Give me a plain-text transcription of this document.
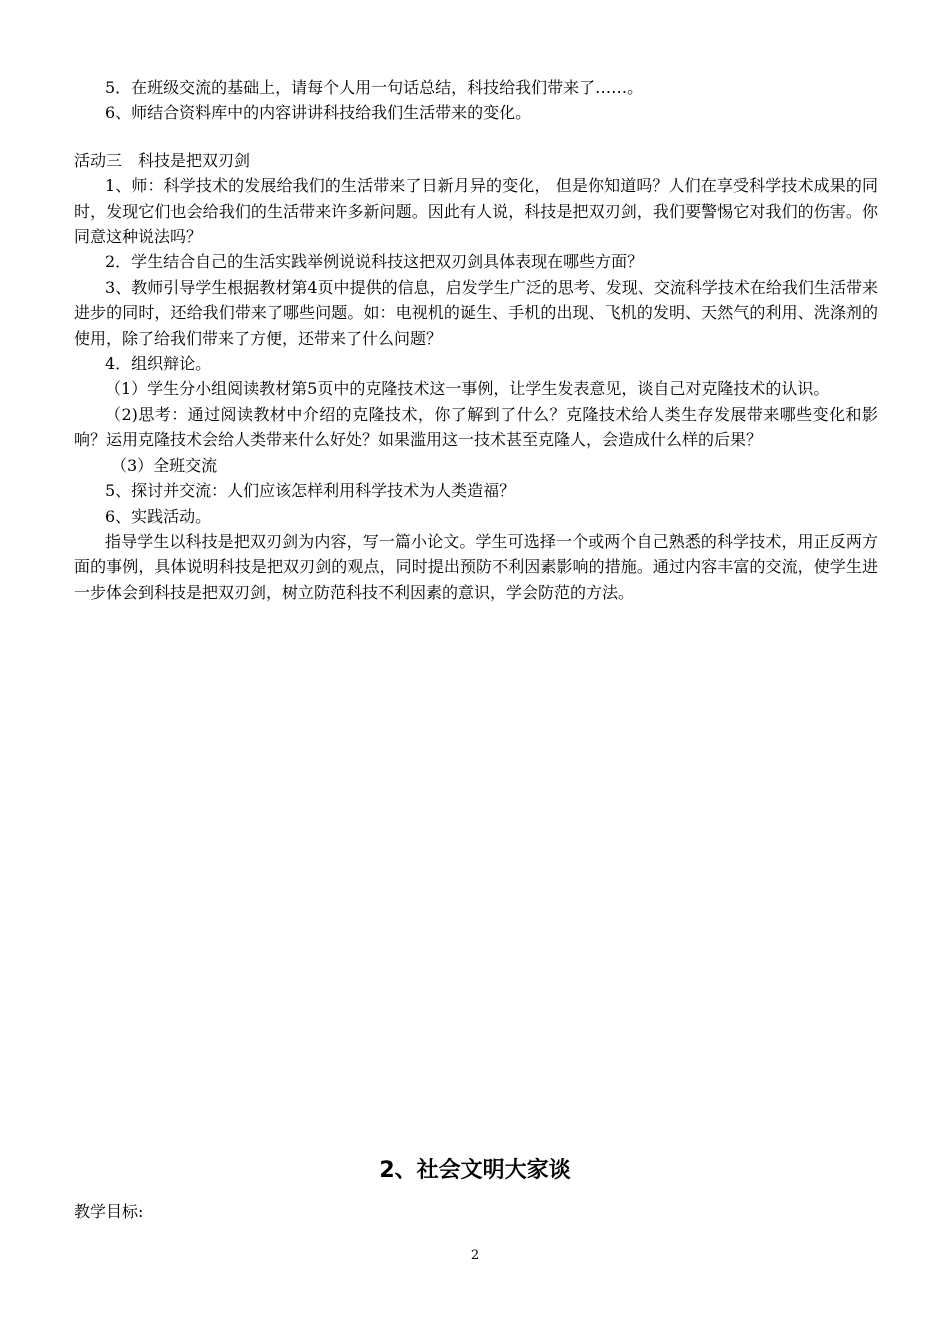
5．在班级交流的基础上，请每个人用一句话总结，科技给我们带来了……。

6、师结合资料库中的内容讲讲科技给我们生活带来的变化。

活动三　科技是把双刃剑

1、师：科学技术的发展给我们的生活带来了日新月异的变化， 但是你知道吗？人们在享受科学技术成果的同时，发现它们也会给我们的生活带来许多新问题。因此有人说，科技是把双刃剑，我们要警惕它对我们的伤害。你同意这种说法吗？

2．学生结合自己的生活实践举例说说科技这把双刃剑具体表现在哪些方面？

3、教师引导学生根据教材第4页中提供的信息，启发学生广泛的思考、发现、交流科学技术在给我们生活带来进步的同时，还给我们带来了哪些问题。如：电视机的诞生、手机的出现、飞机的发明、天然气的利用、洗涤剂的使用，除了给我们带来了方便，还带来了什么问题？

4．组织辩论。

（1）学生分小组阅读教材第5页中的克隆技术这一事例，让学生发表意见，谈自己对克隆技术的认识。

（2)思考：通过阅读教材中介绍的克隆技术，你了解到了什么？克隆技术给人类生存发展带来哪些变化和影响？运用克隆技术会给人类带来什么好处？如果滥用这一技术甚至克隆人，会造成什么样的后果？

（3）全班交流

5、探讨并交流：人们应该怎样利用科学技术为人类造福？

6、实践活动。

指导学生以科技是把双刃剑为内容，写一篇小论文。学生可选择一个或两个自己熟悉的科学技术，用正反两方面的事例，具体说明科技是把双刃剑的观点，同时提出预防不利因素影响的措施。通过内容丰富的交流，使学生进一步体会到科技是把双刃剑，树立防范科技不利因素的意识，学会防范的方法。

2、社会文明大家谈
教学目标:
2
